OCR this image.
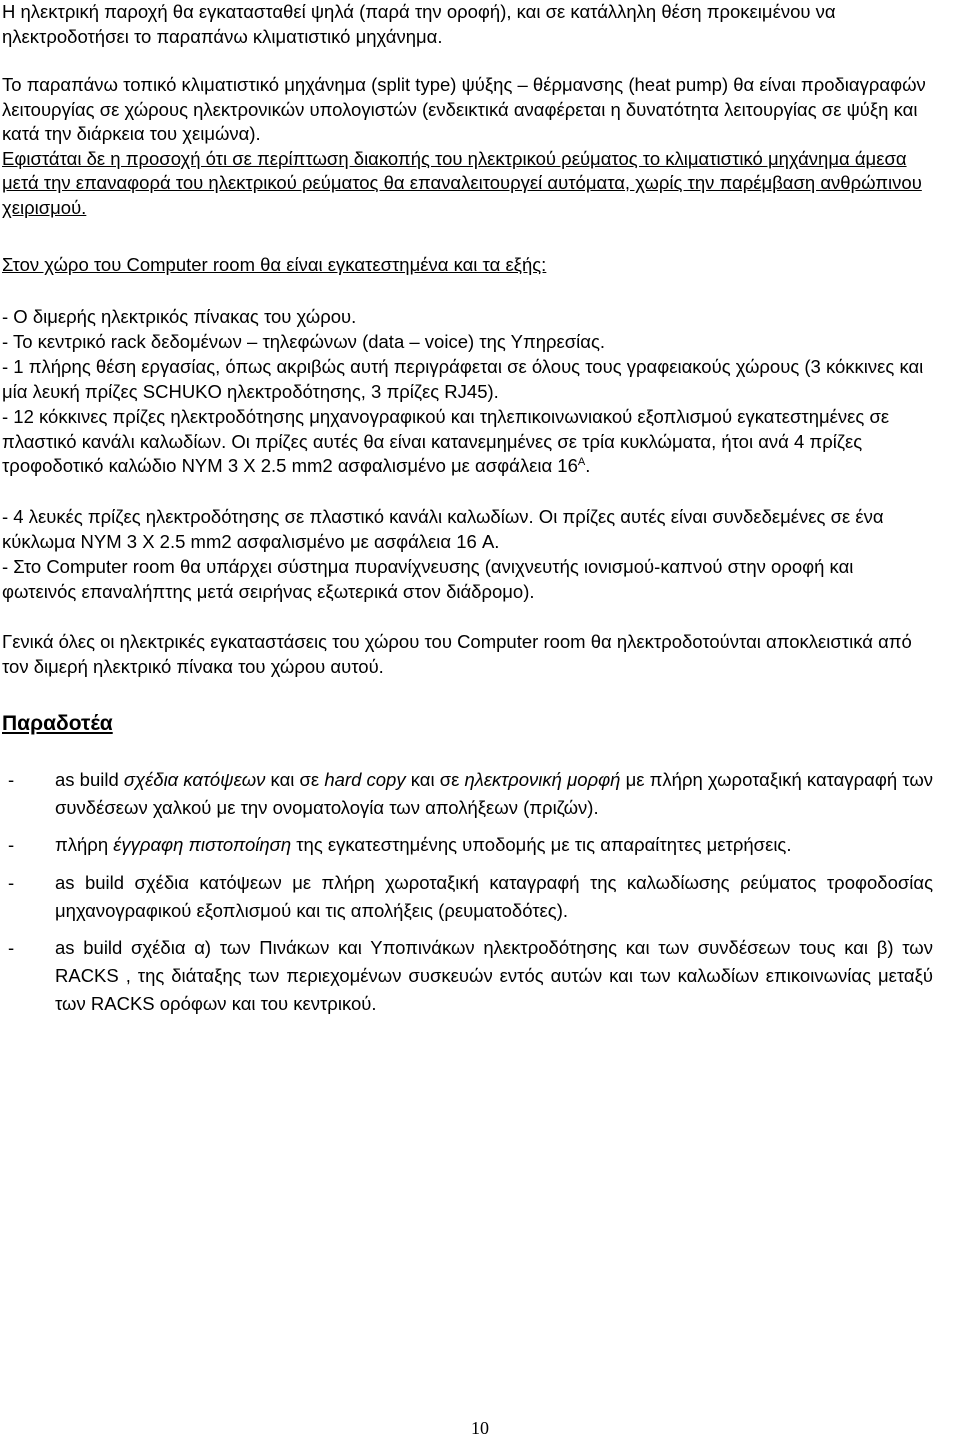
Η ηλεκτρική παροχή θα εγκατασταθεί ψηλά (παρά την οροφή), και σε κατάλληλη θέση προκειμένου να ηλεκτροδοτήσει το παραπάνω κλιματιστικό μηχάνημα.

Το παραπάνω τοπικό κλιματιστικό μηχάνημα (split type) ψύξης – θέρμανσης (heat pump) θα είναι προδιαγραφών λειτουργίας σε χώρους ηλεκτρονικών υπολογιστών (ενδεικτικά αναφέρεται η δυνατότητα λειτουργίας σε ψύξη και κατά την διάρκεια του χειμώνα).
Εφιστάται δε η προσοχή ότι σε περίπτωση διακοπής του ηλεκτρικού ρεύματος το κλιματιστικό μηχάνημα άμεσα μετά την επαναφορά του ηλεκτρικού ρεύματος θα επαναλειτουργεί αυτόματα, χωρίς την παρέμβαση ανθρώπινου χειρισμού.

Στον χώρο του Computer room θα είναι εγκατεστημένα και τα εξής:

- Ο διμερής ηλεκτρικός πίνακας του χώρου.

- Το κεντρικό rack δεδομένων – τηλεφώνων (data – voice) της Υπηρεσίας.

- 1 πλήρης θέση εργασίας, όπως ακριβώς αυτή περιγράφεται σε όλους τους γραφειακούς χώρους (3 κόκκινες και μία λευκή πρίζες SCHUKO ηλεκτροδότησης, 3 πρίζες RJ45).

- 12 κόκκινες πρίζες ηλεκτροδότησης μηχανογραφικού και τηλεπικοινωνιακού εξοπλισμού εγκατεστημένες σε πλαστικό κανάλι καλωδίων. Οι πρίζες αυτές θα είναι κατανεμημένες σε τρία κυκλώματα, ήτοι ανά 4 πρίζες τροφοδοτικό καλώδιο NYM 3 X 2.5 mm2 ασφαλισμένο με ασφάλεια $16^A$.

- 4 λευκές πρίζες ηλεκτροδότησης σε πλαστικό κανάλι καλωδίων. Οι πρίζες αυτές είναι συνδεδεμένες σε ένα κύκλωμα NYM 3 X 2.5 mm2 ασφαλισμένο με ασφάλεια 16 A.

- Στο Computer room θα υπάρχει σύστημα πυρανίχνευσης (ανιχνευτής ιονισμού-καπνού στην οροφή και φωτεινός επαναλήπτης μετά σειρήνας εξωτερικά στον διάδρομο).

Γενικά όλες οι ηλεκτρικές εγκαταστάσεις του χώρου του Computer room θα ηλεκτροδοτούνται αποκλειστικά από τον διμερή ηλεκτρικό πίνακα του χώρου αυτού.

Παραδοτέα

- as build σχέδια κατόψεων και σε hard copy και σε ηλεκτρονική μορφή με πλήρη χωροταξική καταγραφή των συνδέσεων χαλκού με την ονοματολογία των απολήξεων (πριζών).
- πλήρη έγγραφη πιστοποίηση της εγκατεστημένης υποδομής με τις απαραίτητες μετρήσεις.
- as build σχέδια κατόψεων με πλήρη χωροταξική καταγραφή της καλωδίωσης ρεύματος τροφοδοσίας μηχανογραφικού εξοπλισμού και τις απολήξεις (ρευματοδότες).
- as build σχέδια α) των Πινάκων και Υποπινάκων ηλεκτροδότησης και των συνδέσεων τους και β) των RACKS , της διάταξης των περιεχομένων συσκευών εντός αυτών και των καλωδίων επικοινωνίας μεταξύ των RACKS ορόφων και του κεντρικού.
10
